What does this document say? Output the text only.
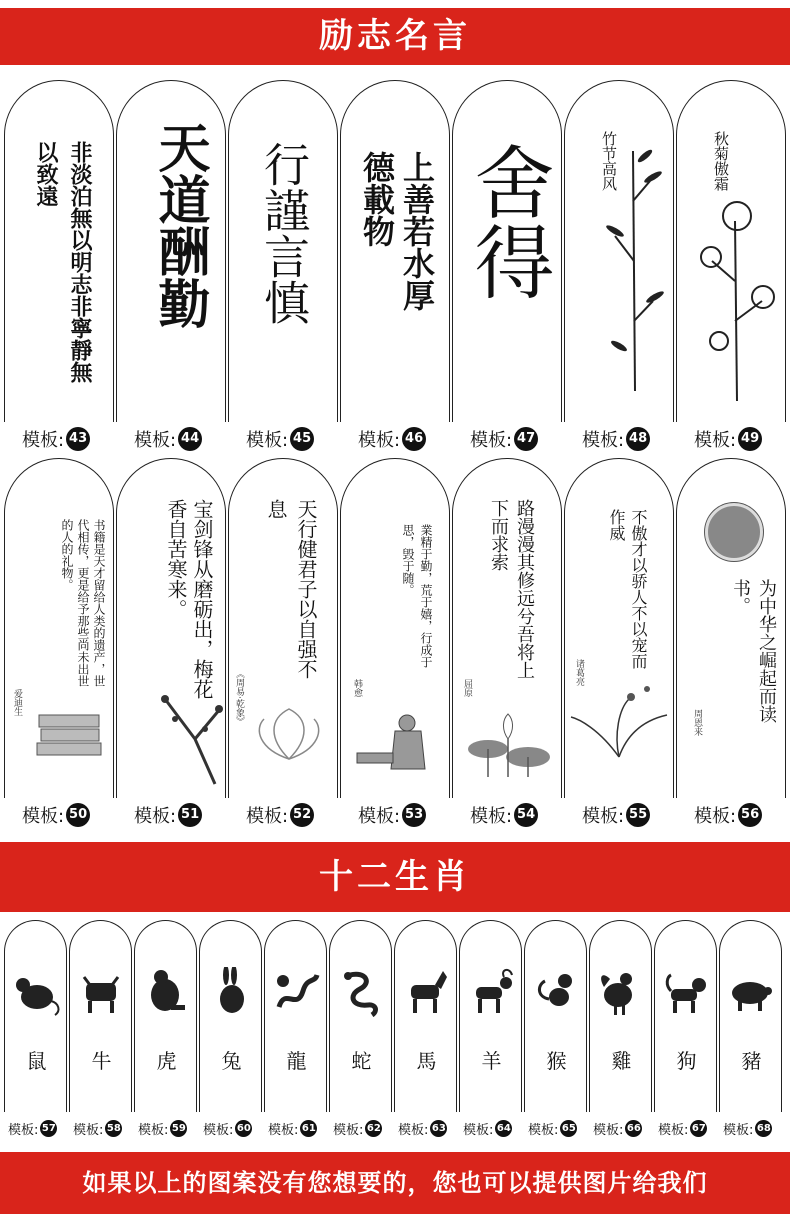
励志名言
十二生肖
如果以上的图案没有您想要的，您也可以提供图片给我们
非淡泊無以明志非寧靜無以致遠	天道酬勤 行謹言慎	上善若水厚德載物 舍得	竹节高风	秋菊傲霜
模板: 43	模板: 44	模板: 45	模板: 46	模板: 47	模板: 48	模板: 49
书籍是天才留给人类的遗产，世代相传，更是给予那些尚未出世的人的礼物。
爱迪生
宝剑锋从磨砺出，梅花香自苦寒来。	天行健君子以自强不息
《周易·乾象》
業精于勤，荒于嬉，行成于思，毁于随。
韩愈
路漫漫其修远兮吾将上下而求索
屈原
不傲才以骄人不以宠而作威
诸葛亮	为中华之崛起而读书。
周恩来
模板: 50	模板: 51	模板: 52	模板: 53	模板: 54	模板: 55	模板: 56
鼠	牛	虎	兔	龍	蛇	馬	羊	猴	雞	狗	豬
模板: 57 模板: 58 模板: 59 模板: 60 模板: 61 模板: 62 模板: 63 模板: 64 模板: 65 模板: 66 模板: 67 模板: 68
